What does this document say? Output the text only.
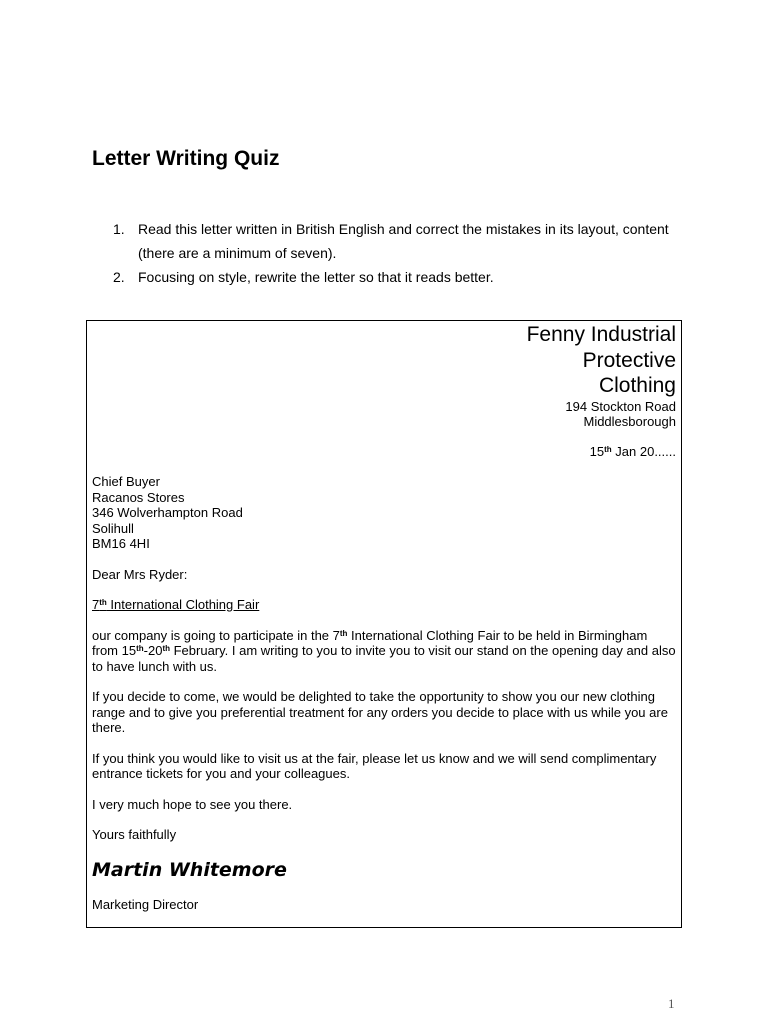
Letter Writing Quiz
1. Read this letter written in British English and correct the mistakes in its layout, content (there are a minimum of seven).
2. Focusing on style, rewrite the letter so that it reads better.
Fenny Industrial
Protective
Clothing
194 Stockton Road
Middlesborough
15th Jan 20......
Chief Buyer
Racanos Stores
346 Wolverhampton Road
Solihull
BM16 4HI

Dear Mrs Ryder:

7th International Clothing Fair

our company is going to participate in the 7th International Clothing Fair to be held in Birmingham from 15th-20th February. I am writing to you to invite you to visit our stand on the opening day and also to have lunch with us.

If you decide to come, we would be delighted to take the opportunity to show you our new clothing range and to give you preferential treatment for any orders you decide to place with us while you are there.

If you think you would like to visit us at the fair, please let us know and we will send complimentary entrance tickets for you and your colleagues.

I very much hope to see you there.

Yours faithfully

Martin Whitemore

Marketing Director

1
